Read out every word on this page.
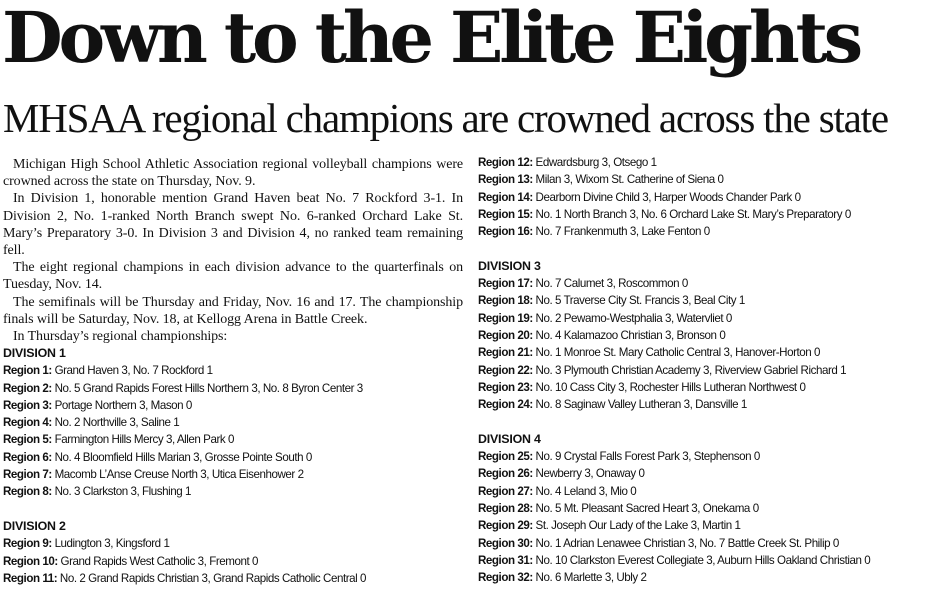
Down to the Elite Eights
MHSAA regional champions are crowned across the state

Michigan High School Athletic Association regional volleyball champions were crowned across the state on Thursday, Nov. 9.

In Division 1, honorable mention Grand Haven beat No. 7 Rockford 3-1. In Division 2, No. 1-ranked North Branch swept No. 6-ranked Orchard Lake St. Mary’s Preparatory 3-0. In Division 3 and Division 4, no ranked team remaining fell.

The eight regional champions in each division advance to the quarterfinals on Tuesday, Nov. 14.

The semifinals will be Thursday and Friday, Nov. 16 and 17. The championship finals will be Saturday, Nov. 18, at Kellogg Arena in Battle Creek.

In Thursday’s regional championships:

DIVISION 1
Region 1: Grand Haven 3, No. 7 Rockford 1
Region 2: No. 5 Grand Rapids Forest Hills Northern 3, No. 8 Byron Center 3
Region 3: Portage Northern 3, Mason 0
Region 4: No. 2 Northville 3, Saline 1
Region 5: Farmington Hills Mercy 3, Allen Park 0
Region 6: No. 4 Bloomfield Hills Marian 3, Grosse Pointe South 0
Region 7: Macomb L’Anse Creuse North 3, Utica Eisenhower 2
Region 8: No. 3 Clarkston 3, Flushing 1
DIVISION 2
Region 9: Ludington 3, Kingsford 1
Region 10: Grand Rapids West Catholic 3, Fremont 0
Region 11: No. 2 Grand Rapids Christian 3, Grand Rapids Catholic Central 0
Region 12: Edwardsburg 3, Otsego 1
Region 13: Milan 3, Wixom St. Catherine of Siena 0
Region 14: Dearborn Divine Child 3, Harper Woods Chander Park 0
Region 15: No. 1 North Branch 3, No. 6 Orchard Lake St. Mary’s Preparatory 0
Region 16: No. 7 Frankenmuth 3, Lake Fenton 0
DIVISION 3
Region 17: No. 7 Calumet 3, Roscommon 0
Region 18: No. 5 Traverse City St. Francis 3, Beal City 1
Region 19: No. 2 Pewamo-Westphalia 3, Watervliet 0
Region 20: No. 4 Kalamazoo Christian 3, Bronson 0
Region 21: No. 1 Monroe St. Mary Catholic Central 3, Hanover-Horton 0
Region 22: No. 3 Plymouth Christian Academy 3, Riverview Gabriel Richard 1
Region 23: No. 10 Cass City 3, Rochester Hills Lutheran Northwest 0
Region 24: No. 8 Saginaw Valley Lutheran 3, Dansville 1
DIVISION 4
Region 25: No. 9 Crystal Falls Forest Park 3, Stephenson 0
Region 26: Newberry 3, Onaway 0
Region 27: No. 4 Leland 3, Mio 0
Region 28: No. 5 Mt. Pleasant Sacred Heart 3, Onekama 0
Region 29: St. Joseph Our Lady of the Lake 3, Martin 1
Region 30: No. 1 Adrian Lenawee Christian 3, No. 7 Battle Creek St. Philip 0
Region 31: No. 10 Clarkston Everest Collegiate 3, Auburn Hills Oakland Christian 0
Region 32: No. 6 Marlette 3, Ubly 2
